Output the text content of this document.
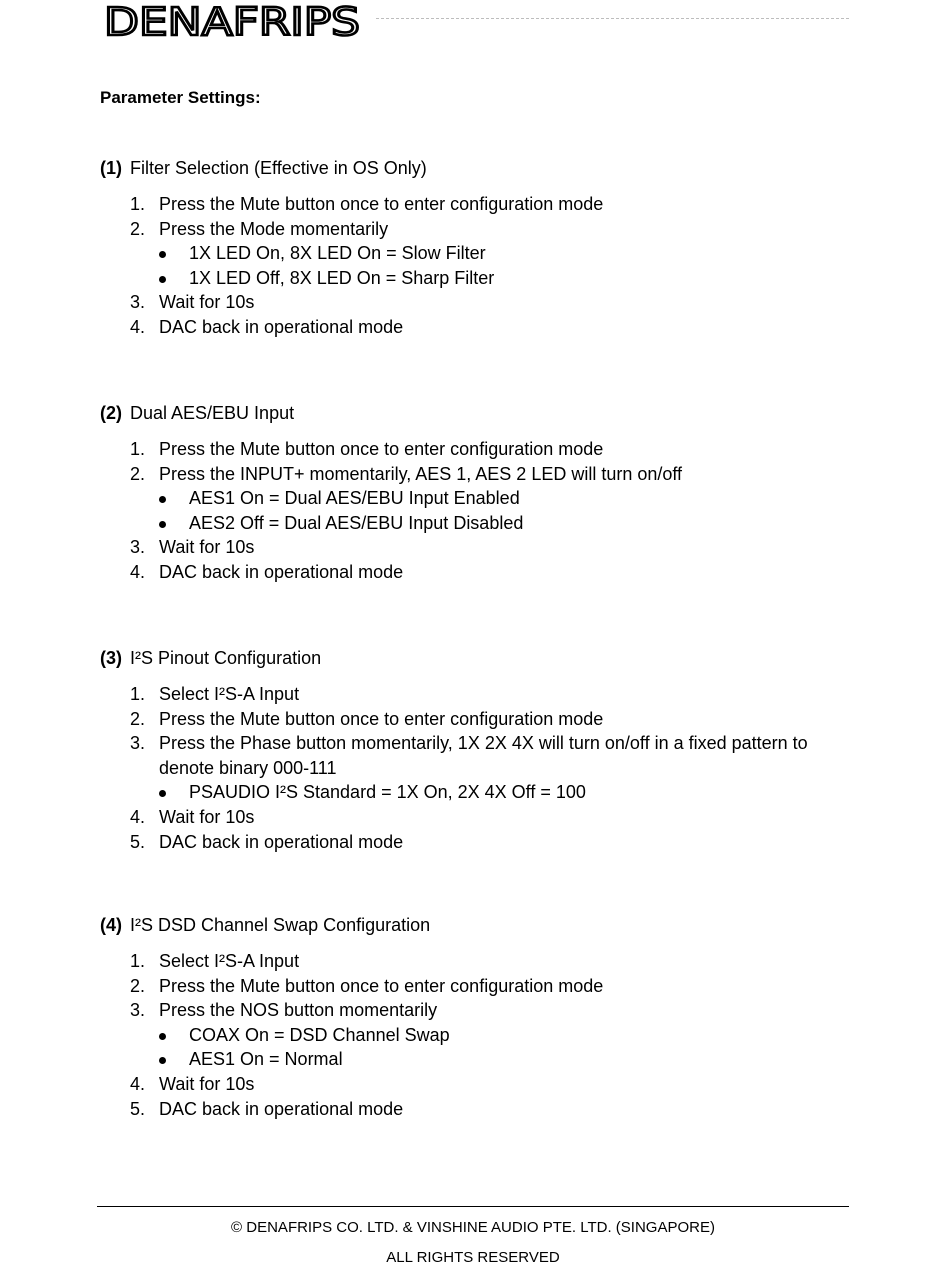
DENAFRIPS
Parameter Settings:
(1) Filter Selection (Effective in OS Only)
1. Press the Mute button once to enter configuration mode
2. Press the Mode momentarily
1X LED On, 8X LED On = Slow Filter
1X LED Off, 8X LED On = Sharp Filter
3. Wait for 10s
4. DAC back in operational mode
(2) Dual AES/EBU Input
1. Press the Mute button once to enter configuration mode
2. Press the INPUT+ momentarily, AES 1, AES 2 LED will turn on/off
AES1 On = Dual AES/EBU Input Enabled
AES2 Off = Dual AES/EBU Input Disabled
3. Wait for 10s
4. DAC back in operational mode
(3) I²S Pinout Configuration
1. Select I²S-A Input
2. Press the Mute button once to enter configuration mode
3. Press the Phase button momentarily, 1X 2X 4X will turn on/off in a fixed pattern to
denote binary 000-111
PSAUDIO I²S Standard = 1X On, 2X 4X Off = 100
4. Wait for 10s
5. DAC back in operational mode
(4) I²S DSD Channel Swap Configuration
1. Select I²S-A Input
2. Press the Mute button once to enter configuration mode
3. Press the NOS button momentarily
COAX On = DSD Channel Swap
AES1 On = Normal
4. Wait for 10s
5. DAC back in operational mode
© DENAFRIPS CO. LTD. & VINSHINE AUDIO PTE. LTD. (SINGAPORE)
ALL RIGHTS RESERVED
